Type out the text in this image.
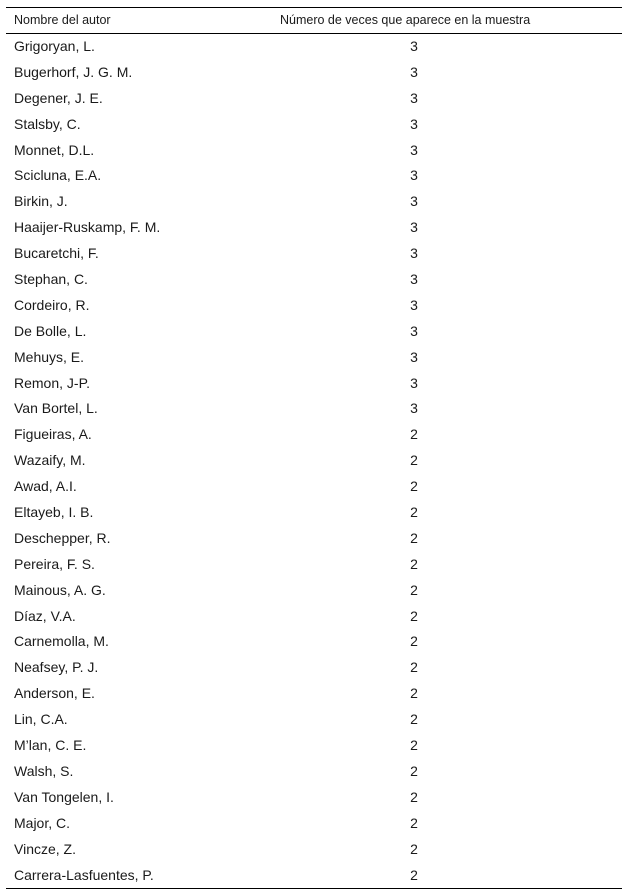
Nombre del autor	Número de veces que aparece en la muestra
Grigoryan, L.	3
Bugerhorf, J. G. M.	3
Degener, J. E.	3
Stalsby, C.	3
Monnet, D.L.	3
Scicluna, E.A.	3
Birkin, J.	3
Haaijer-Ruskamp, F. M.	3
Bucaretchi, F.	3
Stephan, C.	3
Cordeiro, R.	3
De Bolle, L.	3
Mehuys, E.	3
Remon, J-P.	3
Van Bortel, L.	3
Figueiras, A.	2
Wazaify, M.	2
Awad, A.I.	2
Eltayeb, I. B.	2
Deschepper, R.	2
Pereira, F. S.	2
Mainous, A. G.	2
Díaz, V.A.	2
Carnemolla, M.	2
Neafsey, P. J.	2
Anderson, E.	2
Lin, C.A.	2
M’lan, C. E.	2
Walsh, S.	2
Van Tongelen, I.	2
Major, C.	2
Vincze, Z.	2
Carrera-Lasfuentes, P.	2
